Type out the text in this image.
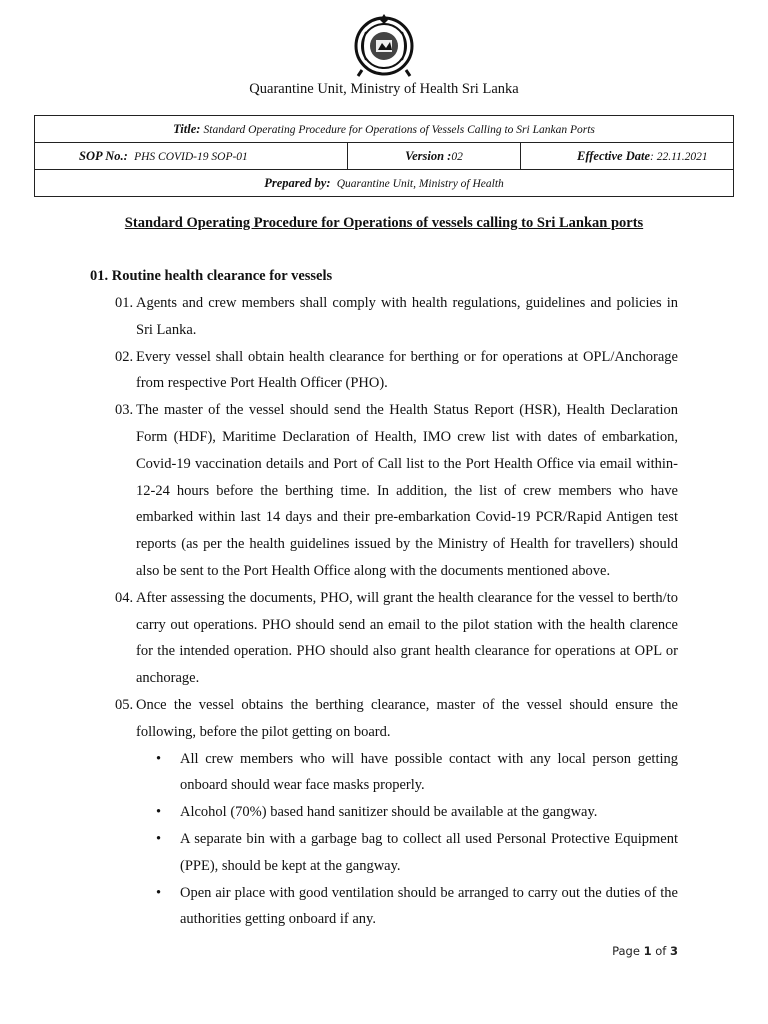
Quarantine Unit, Ministry of Health Sri Lanka
Title: Standard Operating Procedure for Operations of Vessels Calling to Sri Lankan Ports
SOP No.: PHS COVID-19 SOP-01	Version :02	Effective Date: 22.11.2021
Prepared by: Quarantine Unit, Ministry of Health
Standard Operating Procedure for Operations of vessels calling to Sri Lankan ports
01. Routine health clearance for vessels
01. Agents and crew members shall comply with health regulations, guidelines and policies in Sri Lanka.
02. Every vessel shall obtain health clearance for berthing or for operations at OPL/Anchorage from respective Port Health Officer (PHO).
03. The master of the vessel should send the Health Status Report (HSR), Health Declaration Form (HDF), Maritime Declaration of Health, IMO crew list with dates of embarkation, Covid-19 vaccination details and Port of Call list to the Port Health Office via email within- 12-24 hours before the berthing time. In addition, the list of crew members who have embarked within last 14 days and their pre-embarkation Covid-19 PCR/Rapid Antigen test reports (as per the health guidelines issued by the Ministry of Health for travellers) should also be sent to the Port Health Office along with the documents mentioned above.
04. After assessing the documents, PHO, will grant the health clearance for the vessel to berth/to carry out operations. PHO should send an email to the pilot station with the health clarence for the intended operation. PHO should also grant health clearance for operations at OPL or anchorage.
05. Once the vessel obtains the berthing clearance, master of the vessel should ensure the following, before the pilot getting on board.
•	All crew members who will have possible contact with any local person getting onboard should wear face masks properly.
•	Alcohol (70%) based hand sanitizer should be available at the gangway.
•	A separate bin with a garbage bag to collect all used Personal Protective Equipment (PPE), should be kept at the gangway.
•	Open air place with good ventilation should be arranged to carry out the duties of the authorities getting onboard if any.
Page 1 of 3
